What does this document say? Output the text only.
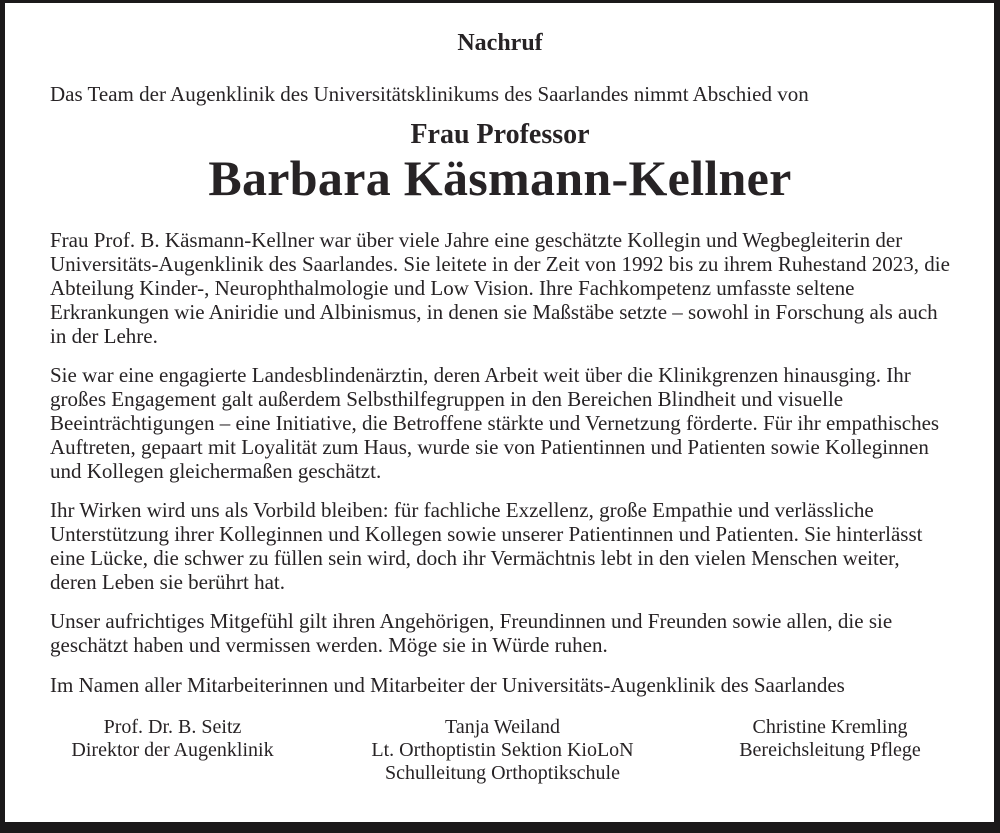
Nachruf

Das Team der Augenklinik des Universitätsklinikums des Saarlandes nimmt Abschied von

Frau Professor
Barbara Käsmann-Kellner

Frau Prof. B. Käsmann-Kellner war über viele Jahre eine geschätzte Kollegin und Wegbegleiterin der Universitäts-Augenklinik des Saarlandes. Sie leitete in der Zeit von 1992 bis zu ihrem Ruhestand 2023, die Abteilung Kinder-, Neurophthalmologie und Low Vision. Ihre Fachkompetenz umfasste seltene Erkrankungen wie Aniridie und Albinismus, in denen sie Maßstäbe setzte – sowohl in Forschung als auch in der Lehre.

Sie war eine engagierte Landesblindenärztin, deren Arbeit weit über die Klinikgrenzen hinausging. Ihr großes Engagement galt außerdem Selbsthilfegruppen in den Bereichen Blindheit und visuelle Beeinträchtigungen – eine Initiative, die Betroffene stärkte und Vernetzung förderte. Für ihr empathisches Auftreten, gepaart mit Loyalität zum Haus, wurde sie von Patientinnen und Patienten sowie Kolleginnen und Kollegen gleichermaßen geschätzt.

Ihr Wirken wird uns als Vorbild bleiben: für fachliche Exzellenz, große Empathie und verlässliche Unterstützung ihrer Kolleginnen und Kollegen sowie unserer Patientinnen und Patienten. Sie hinterlässt eine Lücke, die schwer zu füllen sein wird, doch ihr Vermächtnis lebt in den vielen Menschen weiter, deren Leben sie berührt hat.

Unser aufrichtiges Mitgefühl gilt ihren Angehörigen, Freundinnen und Freunden sowie allen, die sie geschätzt haben und vermissen werden. Möge sie in Würde ruhen.

Im Namen aller Mitarbeiterinnen und Mitarbeiter der Universitäts-Augenklinik des Saarlandes

Prof. Dr. B. Seitz
Direktor der Augenklinik
Tanja Weiland
Lt. Orthoptistin Sektion KioLoN
Schulleitung Orthoptikschule
Christine Kremling
Bereichsleitung Pflege
